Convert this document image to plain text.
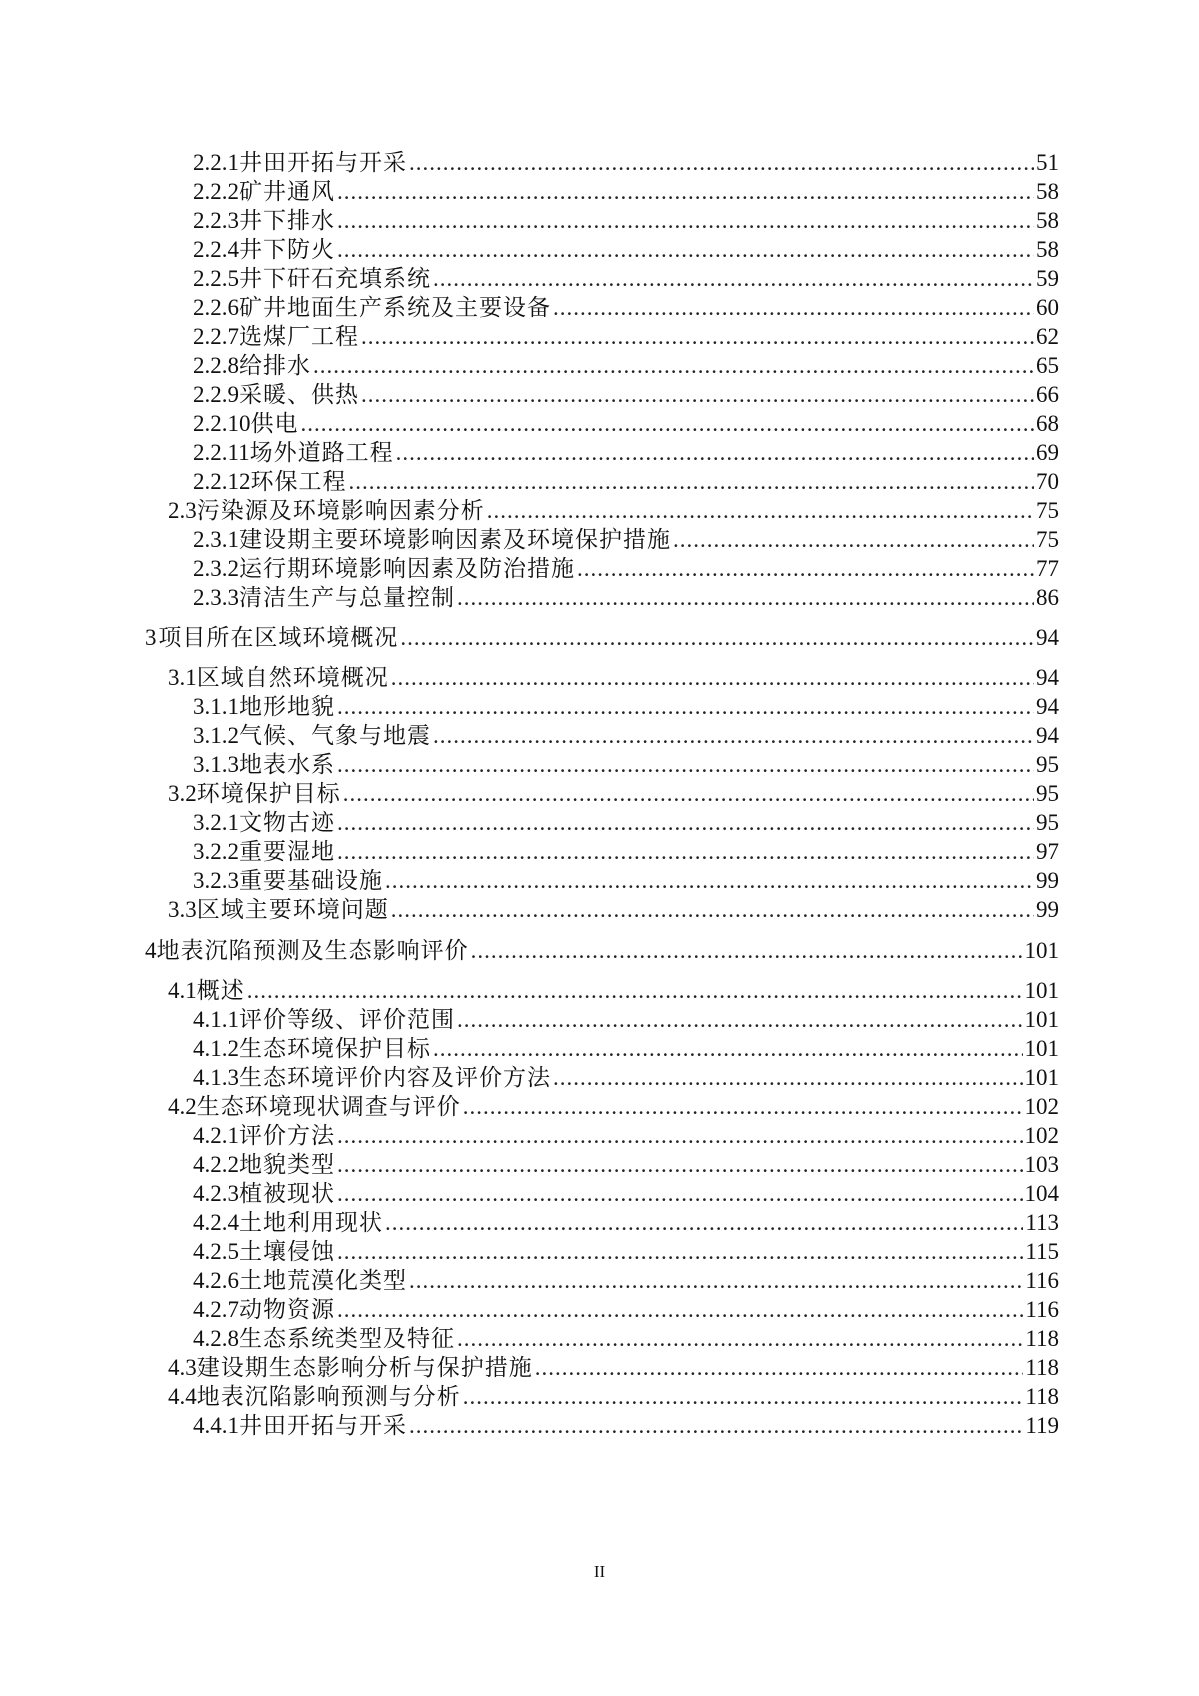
2.2.1 井田开拓与开采 .....	51
2.2.2 矿井通风 .....	58
2.2.3 井下排水 .....	58
2.2.4 井下防火 .....	58
2.2.5 井下矸石充填系统 .....	59
2.2.6 矿井地面生产系统及主要设备 .....	60
2.2.7 选煤厂工程 .....	62
2.2.8 给排水 .....	65
2.2.9 采暖、供热 .....	66
2.2.10 供电 .....	68
2.2.11 场外道路工程 .....	69
2.2.12 环保工程 .....	70
2.3 污染源及环境影响因素分析 .....	75
2.3.1 建设期主要环境影响因素及环境保护措施 .....	75
2.3.2 运行期环境影响因素及防治措施 .....	77
2.3.3 清洁生产与总量控制 .....	86
3 项目所在区域环境概况 .....	94
3.1 区域自然环境概况 .....	94
3.1.1 地形地貌 .....	94
3.1.2 气候、气象与地震 .....	94
3.1.3 地表水系 .....	95
3.2 环境保护目标 .....	95
3.2.1 文物古迹 .....	95
3.2.2 重要湿地 .....	97
3.2.3 重要基础设施 .....	99
3.3 区域主要环境问题 .....	99
4 地表沉陷预测及生态影响评价 .....	101
4.1 概述 .....	101
4.1.1 评价等级、评价范围 .....	101
4.1.2 生态环境保护目标 .....	101
4.1.3 生态环境评价内容及评价方法 .....	101
4.2 生态环境现状调查与评价 .....	102
4.2.1 评价方法 .....	102
4.2.2 地貌类型 .....	103
4.2.3 植被现状 .....	104
4.2.4 土地利用现状 .....	113
4.2.5 土壤侵蚀 .....	115
4.2.6 土地荒漠化类型 .....	116
4.2.7 动物资源 .....	116
4.2.8 生态系统类型及特征 .....	118
4.3 建设期生态影响分析与保护措施 .....	118
4.4 地表沉陷影响预测与分析 .....	118
4.4.1 井田开拓与开采 .....	119
II
